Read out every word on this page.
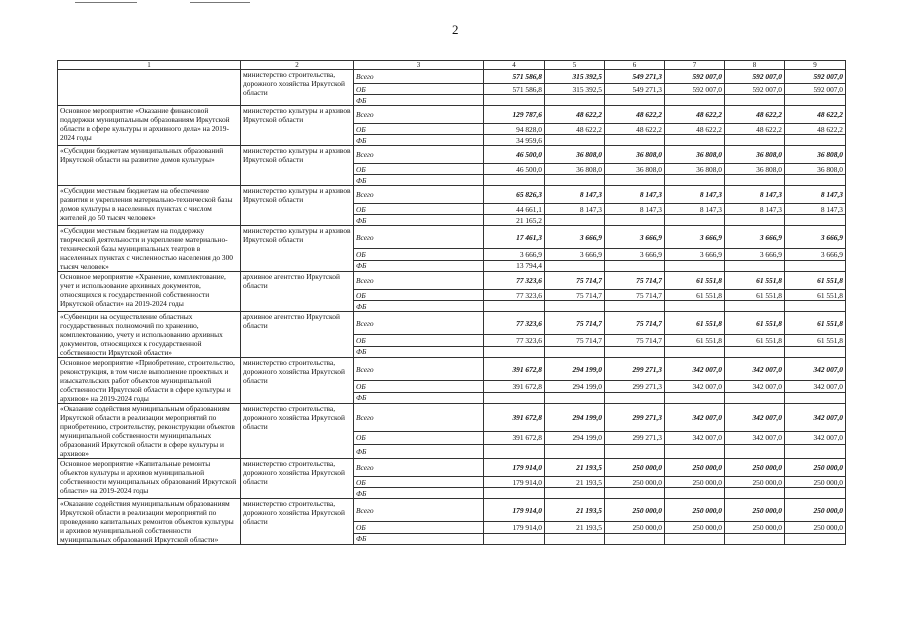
2
1	2	3	4	5	6	7	8	9
	министерство строительства, дорожного хозяйства Иркутской области	Всего	571 586,8	315 392,5	549 271,3	592 007,0	592 007,0	592 007,0
		ОБ	571 586,8	315 392,5	549 271,3	592 007,0	592 007,0	592 007,0
		ФБ						
Основное мероприятие «Оказание финансовой поддержки муниципальным образованиям Иркутской области в сфере культуры и архивного дела» на 2019-2024 годы	министерство культуры и архивов Иркутской области	Всего	129 787,6	48 622,2	48 622,2	48 622,2	48 622,2	48 622,2
		ОБ	94 828,0	48 622,2	48 622,2	48 622,2	48 622,2	48 622,2
		ФБ	34 959,6					
«Субсидии бюджетам муниципальных образований Иркутской области на развитие домов культуры»	министерство культуры и архивов Иркутской области	Всего	46 500,0	36 808,0	36 808,0	36 808,0	36 808,0	36 808,0
		ОБ	46 500,0	36 808,0	36 808,0	36 808,0	36 808,0	36 808,0
		ФБ						
«Субсидии местным бюджетам на обеспечение развития и укрепления материально-технической базы домов культуры в населенных пунктах с числом жителей до 50 тысяч человек»	министерство культуры и архивов Иркутской области	Всего	65 826,3	8 147,3	8 147,3	8 147,3	8 147,3	8 147,3
		ОБ	44 661,1	8 147,3	8 147,3	8 147,3	8 147,3	8 147,3
		ФБ	21 165,2					
«Субсидии местным бюджетам на поддержку творческой деятельности и укрепление материально-технической базы муниципальных театров в населенных пунктах с численностью населения до 300 тысяч человек»	министерство культуры и архивов Иркутской области	Всего	17 461,3	3 666,9	3 666,9	3 666,9	3 666,9	3 666,9
		ОБ	3 666,9	3 666,9	3 666,9	3 666,9	3 666,9	3 666,9
		ФБ	13 794,4					
Основное мероприятие «Хранение, комплектование, учет и использование архивных документов, относящихся к государственной собственности Иркутской области» на 2019-2024 годы	архивное агентство Иркутской области	Всего	77 323,6	75 714,7	75 714,7	61 551,8	61 551,8	61 551,8
		ОБ	77 323,6	75 714,7	75 714,7	61 551,8	61 551,8	61 551,8
		ФБ						
«Субвенции на осуществление областных государственных полномочий по хранению, комплектованию, учету и использованию архивных документов, относящихся к государственной собственности Иркутской области»	архивное агентство Иркутской области	Всего	77 323,6	75 714,7	75 714,7	61 551,8	61 551,8	61 551,8
		ОБ	77 323,6	75 714,7	75 714,7	61 551,8	61 551,8	61 551,8
		ФБ						
Основное мероприятие «Приобретение, строительство, реконструкция, в том числе выполнение проектных и изыскательских работ объектов муниципальной собственности Иркутской области в сфере культуры и архивов» на 2019-2024 годы	министерство строительства, дорожного хозяйства Иркутской области	Всего	391 672,8	294 199,0	299 271,3	342 007,0	342 007,0	342 007,0
		ОБ	391 672,8	294 199,0	299 271,3	342 007,0	342 007,0	342 007,0
		ФБ						
«Оказание содействия муниципальным образованиям Иркутской области в реализации мероприятий по приобретению, строительству, реконструкции объектов муниципальной собственности муниципальных образований Иркутской области в сфере культуры и архивов»	министерство строительства, дорожного хозяйства Иркутской области	Всего	391 672,8	294 199,0	299 271,3	342 007,0	342 007,0	342 007,0
		ОБ	391 672,8	294 199,0	299 271,3	342 007,0	342 007,0	342 007,0
		ФБ						
Основное мероприятие «Капитальные ремонты объектов культуры и архивов муниципальной собственности муниципальных образований Иркутской области» на 2019-2024 годы	министерство строительства, дорожного хозяйства Иркутской области	Всего	179 914,0	21 193,5	250 000,0	250 000,0	250 000,0	250 000,0
		ОБ	179 914,0	21 193,5	250 000,0	250 000,0	250 000,0	250 000,0
		ФБ						
«Оказание содействия муниципальным образованиям Иркутской области в реализации мероприятий по проведению капитальных ремонтов объектов культуры и архивов муниципальной собственности муниципальных образований Иркутской области»	министерство строительства, дорожного хозяйства Иркутской области	Всего	179 914,0	21 193,5	250 000,0	250 000,0	250 000,0	250 000,0
		ОБ	179 914,0	21 193,5	250 000,0	250 000,0	250 000,0	250 000,0
		ФБ						
